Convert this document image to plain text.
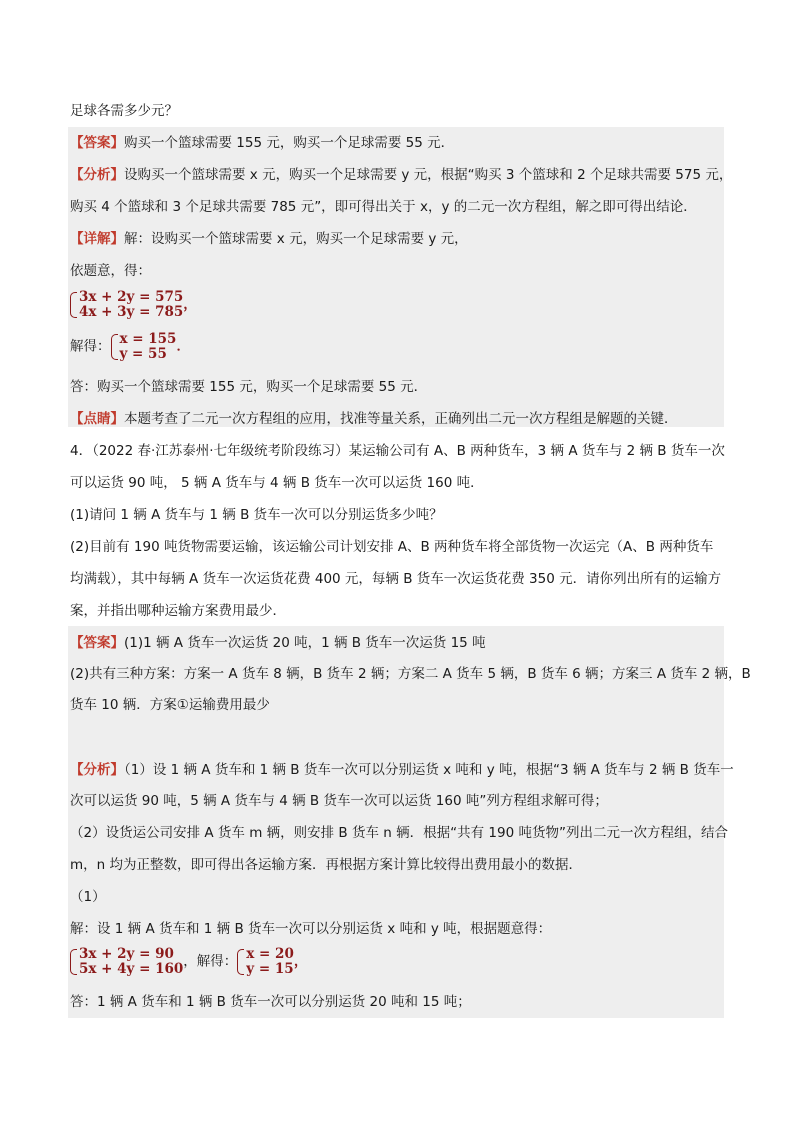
足球各需多少元？
【答案】购买一个篮球需要 155 元，购买一个足球需要 55 元．
【分析】设购买一个篮球需要 x 元，购买一个足球需要 y 元，根据“购买 3 个篮球和 2 个足球共需要 575 元，
购买 4 个篮球和 3 个足球共需要 785 元”，即可得出关于 x，y 的二元一次方程组，解之即可得出结论．
【详解】解：设购买一个篮球需要 x 元，购买一个足球需要 y 元，
依题意，得：
3x + 2y = 575
4x + 3y = 785 ，
解得： x = 155
y = 55 ．
答：购买一个篮球需要 155 元，购买一个足球需要 55 元．
【点睛】本题考查了二元一次方程组的应用，找准等量关系，正确列出二元一次方程组是解题的关键．
4．（2022 春·江苏泰州·七年级统考阶段练习）某运输公司有 A、B 两种货车，3 辆 A 货车与 2 辆 B 货车一次
可以运货 90 吨， 5 辆 A 货车与 4 辆 B 货车一次可以运货 160 吨．
(1)请问 1 辆 A 货车与 1 辆 B 货车一次可以分别运货多少吨？
(2)目前有 190 吨货物需要运输，该运输公司计划安排 A、B 两种货车将全部货物一次运完（A、B 两种货车
均满载），其中每辆 A 货车一次运货花费 400 元，每辆 B 货车一次运货花费 350 元．请你列出所有的运输方
案，并指出哪种运输方案费用最少．
【答案】(1)1 辆 A 货车一次运货 20 吨，1 辆 B 货车一次运货 15 吨
(2)共有三种方案：方案一 A 货车 8 辆，B 货车 2 辆；方案二 A 货车 5 辆，B 货车 6 辆；方案三 A 货车 2 辆，B
货车 10 辆．方案①运输费用最少
【分析】（1）设 1 辆 A 货车和 1 辆 B 货车一次可以分别运货 x 吨和 y 吨，根据“3 辆 A 货车与 2 辆 B 货车一
次可以运货 90 吨，5 辆 A 货车与 4 辆 B 货车一次可以运货 160 吨”列方程组求解可得；
（2）设货运公司安排 A 货车 m 辆，则安排 B 货车 n 辆．根据“共有 190 吨货物”列出二元一次方程组，结合
m，n 均为正整数，即可得出各运输方案．再根据方案计算比较得出费用最小的数据．
（1）
解：设 1 辆 A 货车和 1 辆 B 货车一次可以分别运货 x 吨和 y 吨，根据题意得：
3x + 2y = 90
5x + 4y = 160 ，解得： x = 20
y = 15 ，
答：1 辆 A 货车和 1 辆 B 货车一次可以分别运货 20 吨和 15 吨；
